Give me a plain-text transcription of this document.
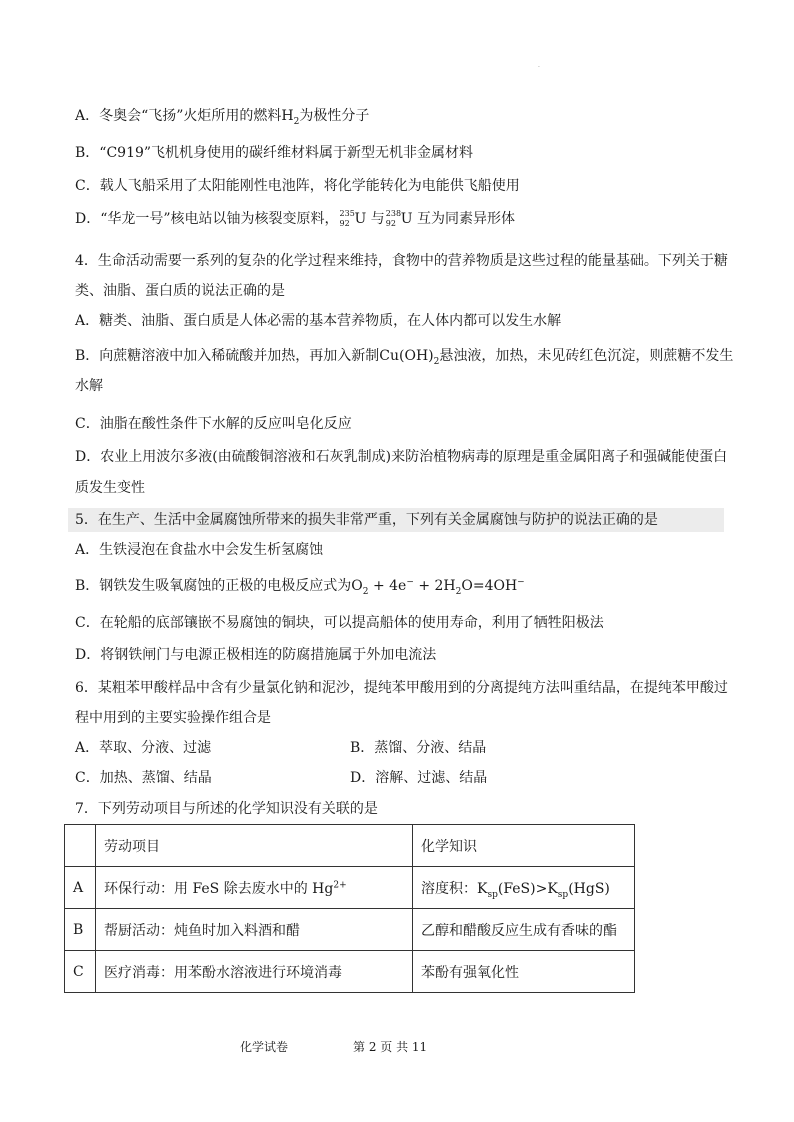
·
A．冬奥会“飞扬”火炬所用的燃料$H_2$为极性分子
B．“C919”飞机机身使用的碳纤维材料属于新型无机非金属材料
C．载人飞船采用了太阳能刚性电池阵，将化学能转化为电能供飞船使用
D．“华龙一号”核电站以铀为核裂变原料， 235
92 U 与 238
92 U 互为同素异形体
4．生命活动需要一系列的复杂的化学过程来维持，食物中的营养物质是这些过程的能量基础。下列关于糖
类、油脂、蛋白质的说法正确的是
A．糖类、油脂、蛋白质是人体必需的基本营养物质，在人体内都可以发生水解
B．向蔗糖溶液中加入稀硫酸并加热，再加入新制$Cu(OH)_2$悬浊液，加热，未见砖红色沉淀，则蔗糖不发生
水解
C．油脂在酸性条件下水解的反应叫皂化反应
D．农业上用波尔多液(由硫酸铜溶液和石灰乳制成)来防治植物病毒的原理是重金属阳离子和强碱能使蛋白
质发生变性
5．在生产、生活中金属腐蚀所带来的损失非常严重，下列有关金属腐蚀与防护的说法正确的是
A．生铁浸泡在食盐水中会发生析氢腐蚀
B．钢铁发生吸氧腐蚀的正极的电极反应式为$O_2 + 4e^- + 2H_2O=4OH^-$
C．在轮船的底部镶嵌不易腐蚀的铜块，可以提高船体的使用寿命，利用了牺牲阳极法
D．将钢铁闸门与电源正极相连的防腐措施属于外加电流法
6．某粗苯甲酸样品中含有少量氯化钠和泥沙，提纯苯甲酸用到的分离提纯方法叫重结晶，在提纯苯甲酸过
程中用到的主要实验操作组合是
A．萃取、分液、过滤	B．蒸馏、分液、结晶
C．加热、蒸馏、结晶	D．溶解、过滤、结晶
7．下列劳动项目与所述的化学知识没有关联的是
	劳动项目	化学知识
A	环保行动：用 FeS 除去废水中的 $Hg^{2+}$	溶度积：$K_{sp}(FeS)>K_{sp}(HgS)$
B	帮厨活动：炖鱼时加入料酒和醋	乙醇和醋酸反应生成有香味的酯
C	医疗消毒：用苯酚水溶液进行环境消毒	苯酚有强氧化性
化学试卷	第 2 页 共 11
